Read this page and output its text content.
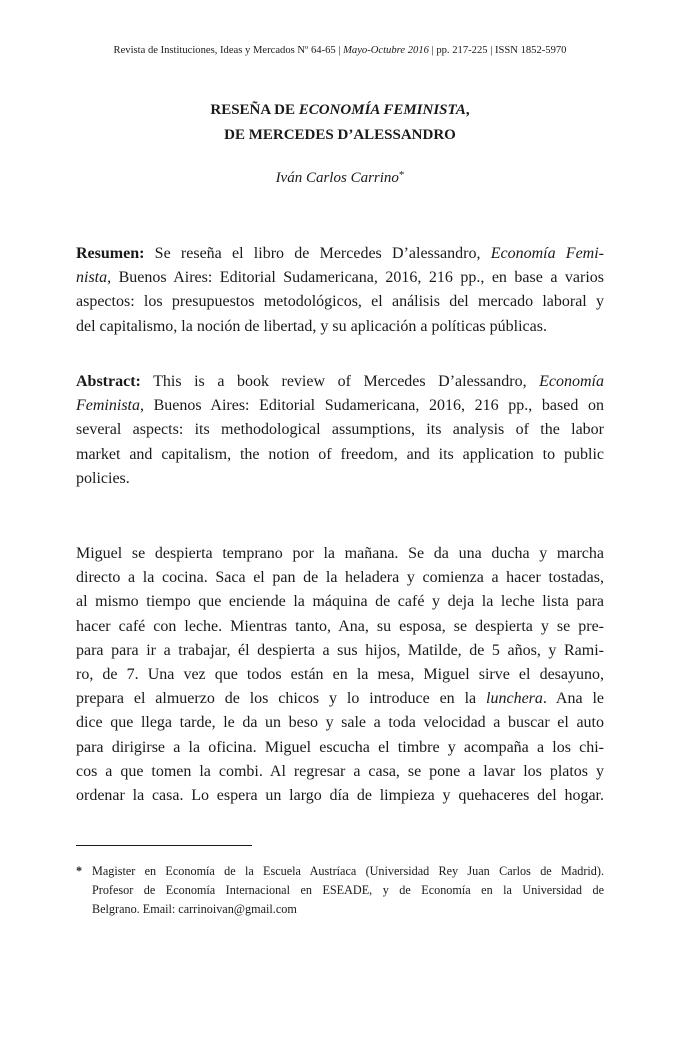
Revista de Instituciones, Ideas y Mercados Nº 64-65 | Mayo-Octubre 2016 | pp. 217-225 | ISSN 1852-5970
RESEÑA DE ECONOMÍA FEMINISTA,
DE MERCEDES D’ALESSANDRO
Iván Carlos Carrino*
Resumen: Se reseña el libro de Mercedes D’alessandro, Economía Femi-
nista, Buenos Aires: Editorial Sudamericana, 2016, 216 pp., en base a varios
aspectos: los presupuestos metodológicos, el análisis del mercado laboral y
del capitalismo, la noción de libertad, y su aplicación a políticas públicas.
Abstract: This is a book review of Mercedes D’alessandro, Economía
Feminista, Buenos Aires: Editorial Sudamericana, 2016, 216 pp., based on
several aspects: its methodological assumptions, its analysis of the labor
market and capitalism, the notion of freedom, and its application to public
policies.
Miguel se despierta temprano por la mañana. Se da una ducha y marcha
directo a la cocina. Saca el pan de la heladera y comienza a hacer tostadas,
al mismo tiempo que enciende la máquina de café y deja la leche lista para
hacer café con leche. Mientras tanto, Ana, su esposa, se despierta y se pre-
para para ir a trabajar, él despierta a sus hijos, Matilde, de 5 años, y Rami-
ro, de 7. Una vez que todos están en la mesa, Miguel sirve el desayuno,
prepara el almuerzo de los chicos y lo introduce en la lunchera. Ana le
dice que llega tarde, le da un beso y sale a toda velocidad a buscar el auto
para dirigirse a la oficina. Miguel escucha el timbre y acompaña a los chi-
cos a que tomen la combi. Al regresar a casa, se pone a lavar los platos y
ordenar la casa. Lo espera un largo día de limpieza y quehaceres del hogar.
* Magister en Economía de la Escuela Austríaca (Universidad Rey Juan Carlos de Madrid).
Profesor de Economía Internacional en ESEADE, y de Economía en la Universidad de
Belgrano. Email: carrinoivan@gmail.com
